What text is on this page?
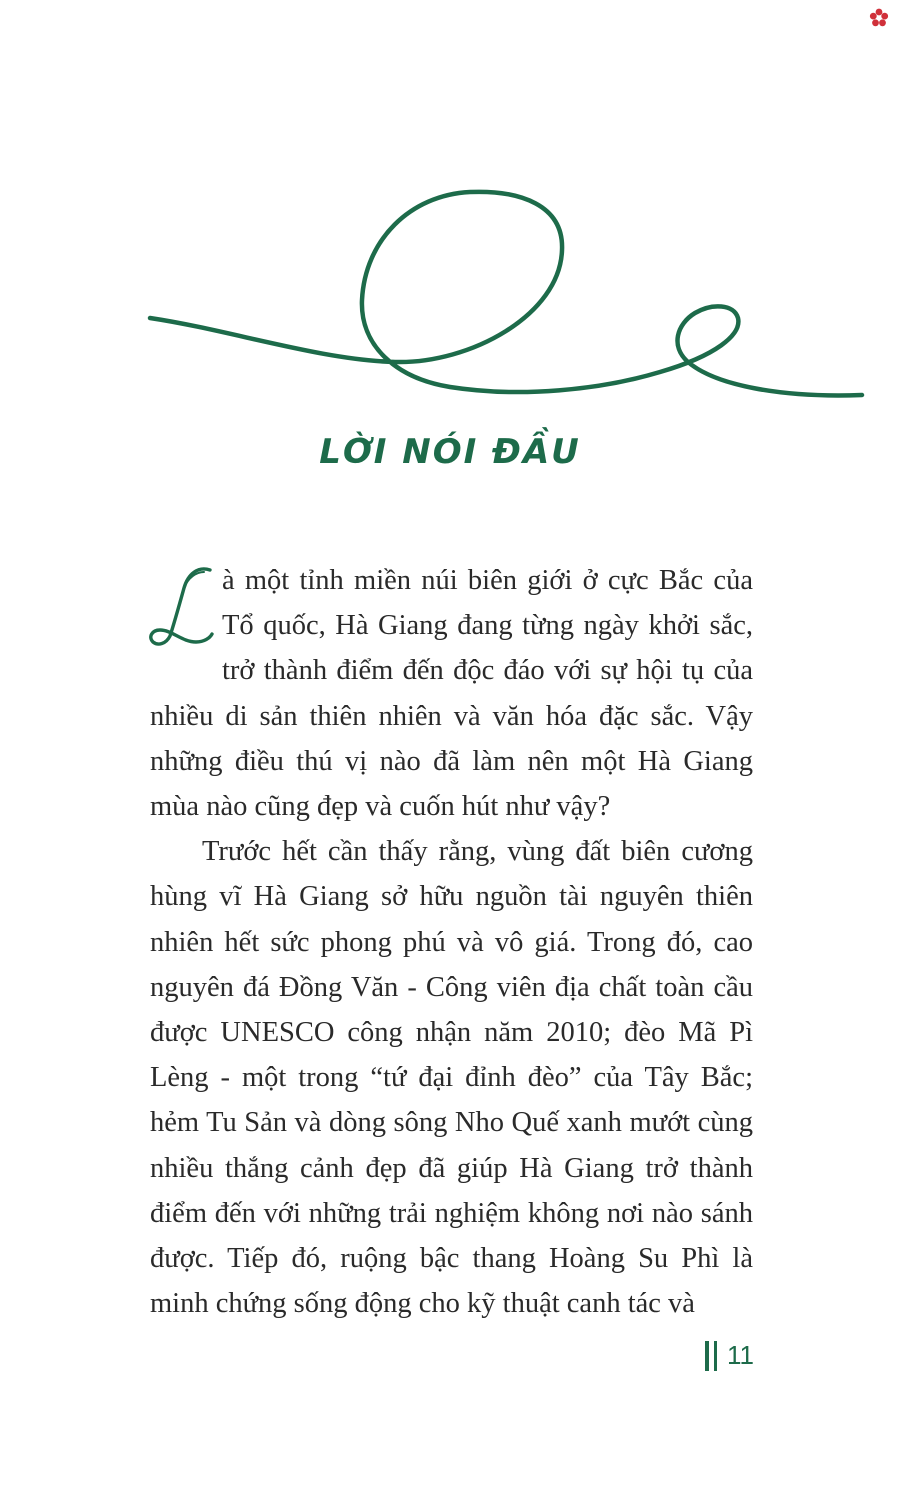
LỜI NÓI ĐẦU

à một tỉnh miền núi biên giới ở cực Bắc của Tổ quốc, Hà Giang đang từng ngày khởi sắc, trở thành điểm đến độc đáo với sự hội tụ của nhiều di sản thiên nhiên và văn hóa đặc sắc. Vậy những điều thú vị nào đã làm nên một Hà Giang mùa nào cũng đẹp và cuốn hút như vậy?

Trước hết cần thấy rằng, vùng đất biên cương hùng vĩ Hà Giang sở hữu nguồn tài nguyên thiên nhiên hết sức phong phú và vô giá. Trong đó, cao nguyên đá Đồng Văn - Công viên địa chất toàn cầu được UNESCO công nhận năm 2010; đèo Mã Pì Lèng - một trong “tứ đại đỉnh đèo” của Tây Bắc; hẻm Tu Sản và dòng sông Nho Quế xanh mướt cùng nhiều thắng cảnh đẹp đã giúp Hà Giang trở thành điểm đến với những trải nghiệm không nơi nào sánh được. Tiếp đó, ruộng bậc thang Hoàng Su Phì là minh chứng sống động cho kỹ thuật canh tác và

11
